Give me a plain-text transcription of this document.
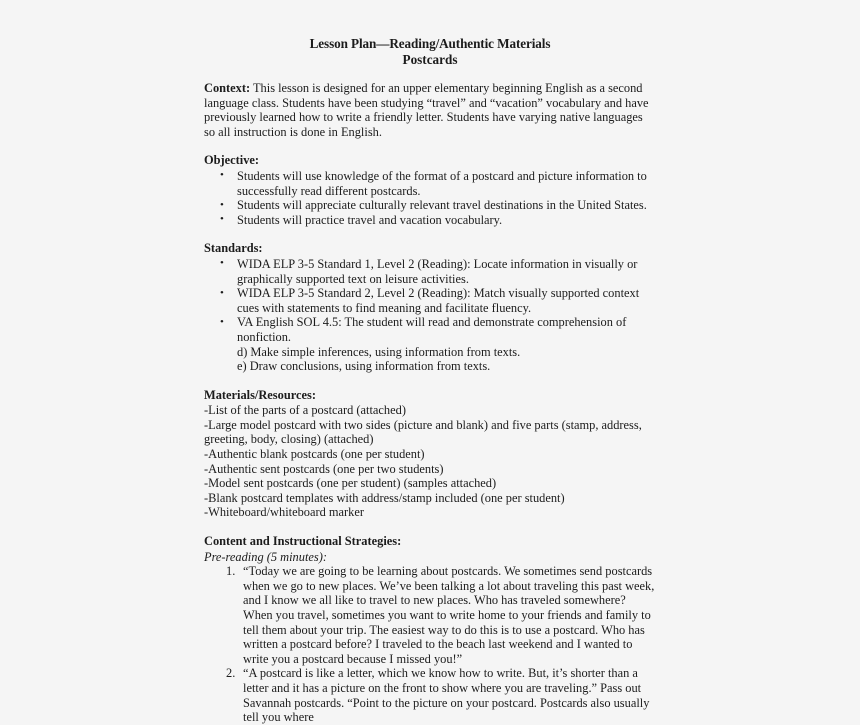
Lesson Plan—Reading/Authentic Materials
Postcards

Context: This lesson is designed for an upper elementary beginning English as a second language class. Students have been studying “travel” and “vacation” vocabulary and have previously learned how to write a friendly letter. Students have varying native languages so all instruction is done in English.

Objective:
• Students will use knowledge of the format of a postcard and picture information to successfully read different postcards.
• Students will appreciate culturally relevant travel destinations in the United States.
• Students will practice travel and vacation vocabulary.
Standards:
• WIDA ELP 3-5 Standard 1, Level 2 (Reading): Locate information in visually or graphically supported text on leisure activities.
• WIDA ELP 3-5 Standard 2, Level 2 (Reading): Match visually supported context cues with statements to find meaning and facilitate fluency.
• VA English SOL 4.5: The student will read and demonstrate comprehension of nonfiction.
d) Make simple inferences, using information from texts.
e) Draw conclusions, using information from texts.
Materials/Resources:
-List of the parts of a postcard (attached)
-Large model postcard with two sides (picture and blank) and five parts (stamp, address, greeting, body, closing) (attached)
-Authentic blank postcards (one per student)
-Authentic sent postcards (one per two students)
-Model sent postcards (one per student) (samples attached)
-Blank postcard templates with address/stamp included (one per student)
-Whiteboard/whiteboard marker
Content and Instructional Strategies:
Pre-reading (5 minutes):
“Today we are going to be learning about postcards. We sometimes send postcards when we go to new places. We’ve been talking a lot about traveling this past week, and I know we all like to travel to new places. Who has traveled somewhere? When you travel, sometimes you want to write home to your friends and family to tell them about your trip. The easiest way to do this is to use a postcard. Who has written a postcard before? I traveled to the beach last weekend and I wanted to write you a postcard because I missed you!”
“A postcard is like a letter, which we know how to write. But, it’s shorter than a letter and it has a picture on the front to show where you are traveling.” Pass out Savannah postcards. “Point to the picture on your postcard. Postcards also usually tell you where
